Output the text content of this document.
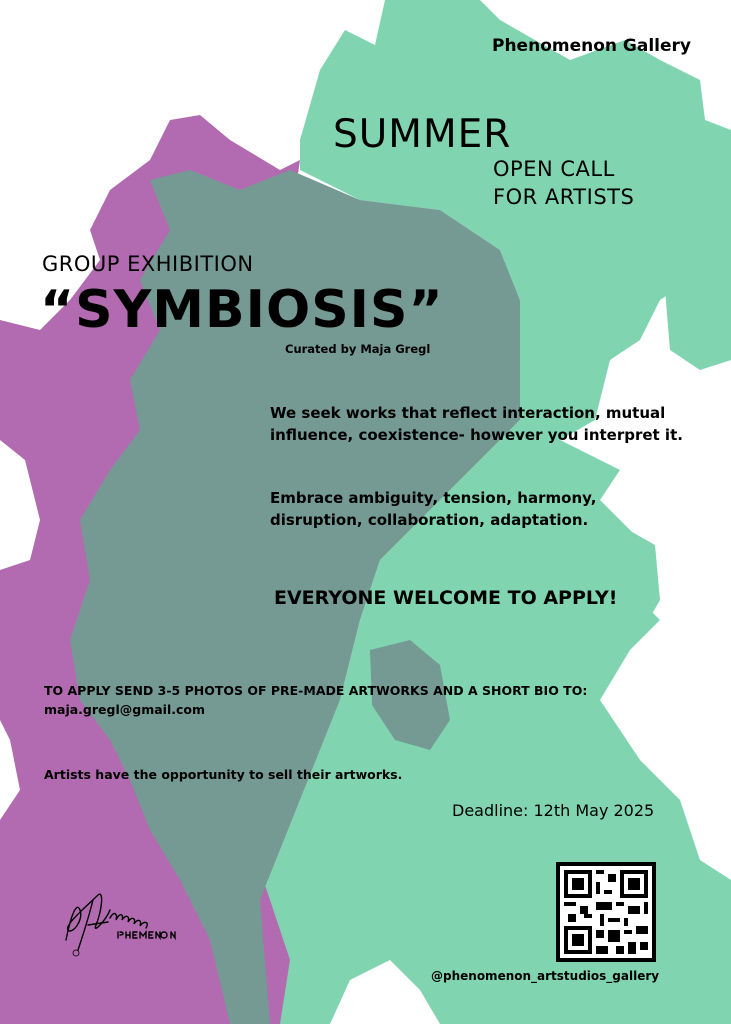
Phenomenon Gallery

SUMMER

OPEN CALL
FOR ARTISTS

GROUP EXHIBITION

“SYMBIOSIS”

Curated by Maja Gregl

We seek works that reflect interaction, mutual influence, coexistence- however you interpret it.

Embrace ambiguity, tension, harmony, disruption, collaboration, adaptation.

EVERYONE WELCOME TO APPLY!

TO APPLY SEND 3-5 PHOTOS OF PRE-MADE ARTWORKS AND A SHORT BIO TO:

maja.gregl@gmail.com

Artists have the opportunity to sell their artworks.

Deadline: 12th May 2025

@phenomenon_artstudios_gallery
